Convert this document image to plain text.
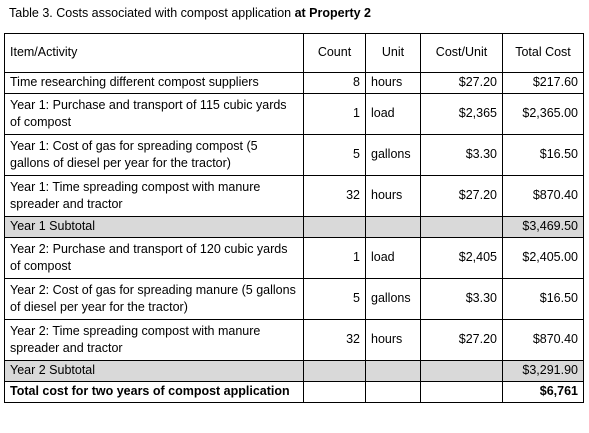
Table 3. Costs associated with compost application at Property 2
Item/Activity	Count	Unit	Cost/Unit	Total Cost
Time researching different compost suppliers	8	hours	$27.20	$217.60
Year 1: Purchase and transport of 115 cubic yards of compost	1	load	$2,365	$2,365.00
Year 1: Cost of gas for spreading compost (5 gallons of diesel per year for the tractor)	5	gallons	$3.30	$16.50
Year 1: Time spreading compost with manure spreader and tractor	32	hours	$27.20	$870.40
Year 1 Subtotal				$3,469.50
Year 2: Purchase and transport of 120 cubic yards of compost	1	load	$2,405	$2,405.00
Year 2: Cost of gas for spreading manure (5 gallons of diesel per year for the tractor)	5	gallons	$3.30	$16.50
Year 2: Time spreading compost with manure spreader and tractor	32	hours	$27.20	$870.40
Year 2 Subtotal				$3,291.90
Total cost for two years of compost application				$6,761
